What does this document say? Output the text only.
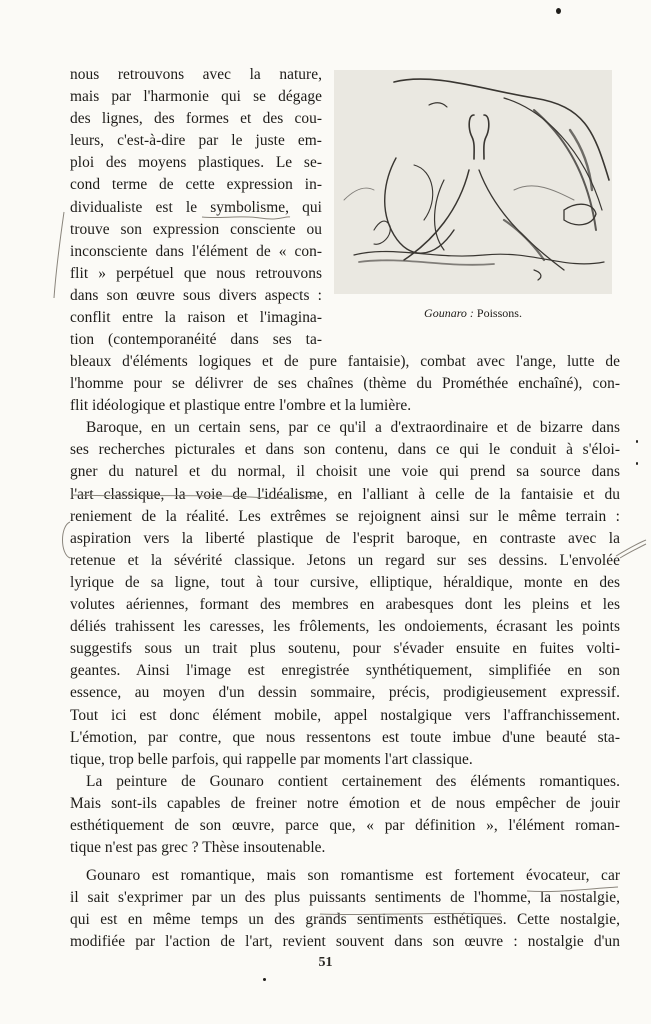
Gounaro : Poissons.
nous retrouvons avec la nature,
mais par l'harmonie qui se dégage
des lignes, des formes et des cou-
leurs, c'est-à-dire par le juste em-
ploi des moyens plastiques. Le se-
cond terme de cette expression in-
dividualiste est le symbolisme, qui
trouve son expression consciente ou
inconsciente dans l'élément de « con-
flit » perpétuel que nous retrouvons
dans son œuvre sous divers aspects :
conflit entre la raison et l'imagina-
tion (contemporanéité dans ses ta-
bleaux d'éléments logiques et de pure fantaisie), combat avec l'ange, lutte de
l'homme pour se délivrer de ses chaînes (thème du Prométhée enchaîné), con-
flit idéologique et plastique entre l'ombre et la lumière.
Baroque, en un certain sens, par ce qu'il a d'extraordinaire et de bizarre dans
ses recherches picturales et dans son contenu, dans ce qui le conduit à s'éloi-
gner du naturel et du normal, il choisit une voie qui prend sa source dans
l'art classique, la voie de l'idéalisme, en l'alliant à celle de la fantaisie et du
reniement de la réalité. Les extrêmes se rejoignent ainsi sur le même terrain :
aspiration vers la liberté plastique de l'esprit baroque, en contraste avec la
retenue et la sévérité classique. Jetons un regard sur ses dessins. L'envolée
lyrique de sa ligne, tout à tour cursive, elliptique, héraldique, monte en des
volutes aériennes, formant des membres en arabesques dont les pleins et les
déliés trahissent les caresses, les frôlements, les ondoiements, écrasant les points
suggestifs sous un trait plus soutenu, pour s'évader ensuite en fuites volti-
geantes. Ainsi l'image est enregistrée synthétiquement, simplifiée en son
essence, au moyen d'un dessin sommaire, précis, prodigieusement expressif.
Tout ici est donc élément mobile, appel nostalgique vers l'affranchissement.
L'émotion, par contre, que nous ressentons est toute imbue d'une beauté sta-
tique, trop belle parfois, qui rappelle par moments l'art classique.
La peinture de Gounaro contient certainement des éléments romantiques.
Mais sont-ils capables de freiner notre émotion et de nous empêcher de jouir
esthétiquement de son œuvre, parce que, « par définition », l'élément roman-
tique n'est pas grec ? Thèse insoutenable.
Gounaro est romantique, mais son romantisme est fortement évocateur, car
il sait s'exprimer par un des plus puissants sentiments de l'homme, la nostalgie,
qui est en même temps un des grands sentiments esthétiques. Cette nostalgie,
modifiée par l'action de l'art, revient souvent dans son œuvre : nostalgie d'un
51
